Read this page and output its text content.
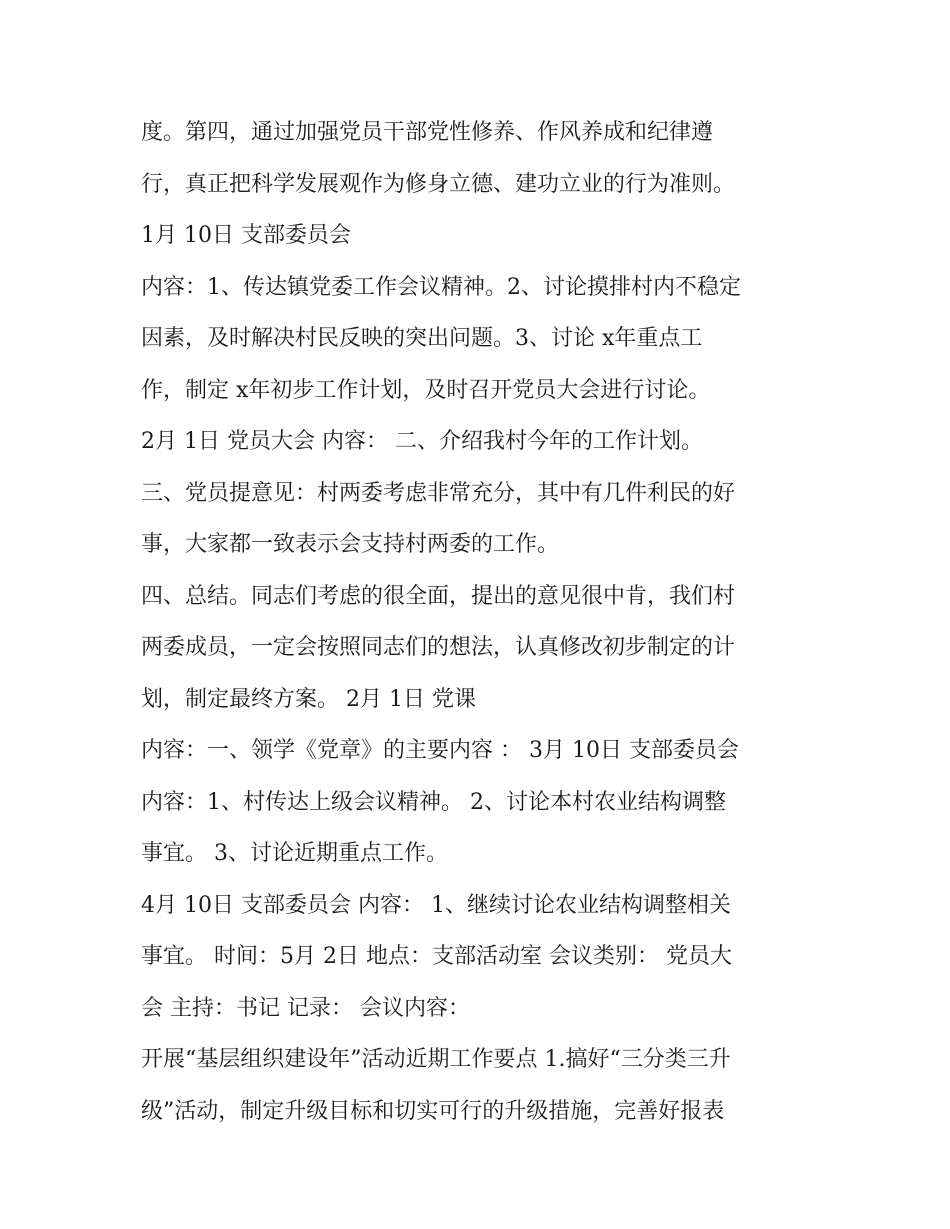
度。第四，通过加强党员干部党性修养、作风养成和纪律遵
行，真正把科学发展观作为修身立德、建功立业的行为准则。
1月 10日 支部委员会
内容：1、传达镇党委工作会议精神。2、讨论摸排村内不稳定
因素，及时解决村民反映的突出问题。3、讨论 x年重点工
作，制定 x年初步工作计划，及时召开党员大会进行讨论。
2月 1日 党员大会 内容： 二、介绍我村今年的工作计划。
三、党员提意见：村两委考虑非常充分，其中有几件利民的好
事，大家都一致表示会支持村两委的工作。
四、总结。同志们考虑的很全面，提出的意见很中肯，我们村
两委成员，一定会按照同志们的想法，认真修改初步制定的计
划，制定最终方案。 2月 1日 党课
内容：一、领学《党章》的主要内容 ： 3月 10日 支部委员会
内容：1、村传达上级会议精神。 2、讨论本村农业结构调整
事宜。 3、讨论近期重点工作。
4月 10日 支部委员会 内容： 1、继续讨论农业结构调整相关
事宜。 时间：5月 2日 地点：支部活动室 会议类别： 党员大
会 主持：书记 记录： 会议内容：
开展“基层组织建设年”活动近期工作要点 1.搞好“三分类三升
级”活动，制定升级目标和切实可行的升级措施，完善好报表
